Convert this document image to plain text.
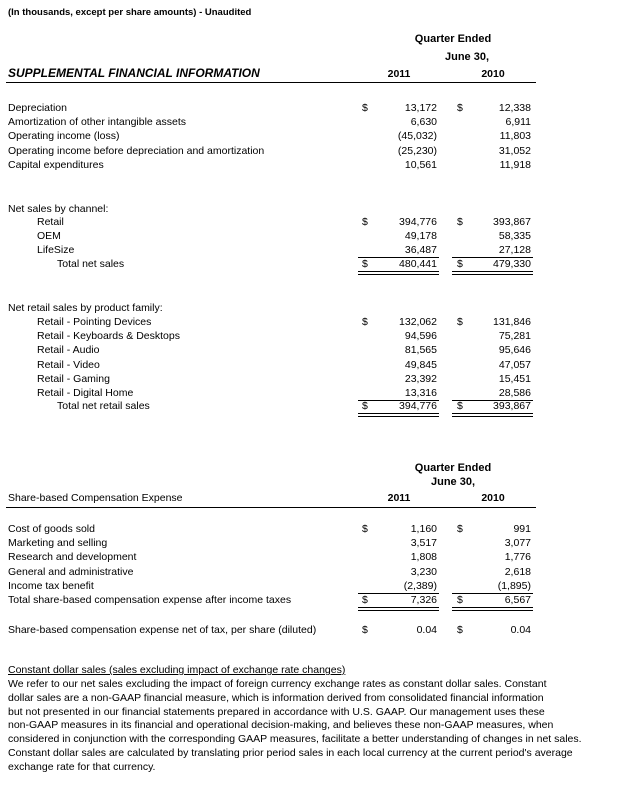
(In thousands, except per share amounts) - Unaudited
Quarter Ended
June 30,
SUPPLEMENTAL FINANCIAL INFORMATION	2011	2010
Depreciation	$	13,172 $	12,338
Amortization of other intangible assets	6,630	6,911
Operating income (loss)	(45,032)	11,803
Operating income before depreciation and amortization	(25,230)	31,052
Capital expenditures	10,561	11,918
Net sales by channel:
Retail	$	394,776 $	393,867
OEM	49,178	58,335
LifeSize	36,487	27,128
Total net sales	$	480,441 $	479,330
Net retail sales by product family:
Retail - Pointing Devices	$	132,062 $	131,846
Retail - Keyboards & Desktops	94,596	75,281
Retail - Audio	81,565	95,646
Retail - Video	49,845	47,057
Retail - Gaming	23,392	15,451
Retail - Digital Home	13,316	28,586
Total net retail sales	$	394,776 $	393,867
Quarter Ended
June 30,
Share-based Compensation Expense	2011	2010
Cost of goods sold	$	1,160 $	991
Marketing and selling	3,517	3,077
Research and development	1,808	1,776
General and administrative	3,230	2,618
Income tax benefit	(2,389)	(1,895)
Total share-based compensation expense after income taxes	$	7,326 $	6,567
Share-based compensation expense net of tax, per share (diluted)	$	0.04 $	0.04
Constant dollar sales (sales excluding impact of exchange rate changes)
We refer to our net sales excluding the impact of foreign currency exchange rates as constant dollar sales. Constant
dollar sales are a non-GAAP financial measure, which is information derived from consolidated financial information
but not presented in our financial statements prepared in accordance with U.S. GAAP. Our management uses these
non-GAAP measures in its financial and operational decision-making, and believes these non-GAAP measures, when
considered in conjunction with the corresponding GAAP measures, facilitate a better understanding of changes in net sales.
Constant dollar sales are calculated by translating prior period sales in each local currency at the current period's average
exchange rate for that currency.
